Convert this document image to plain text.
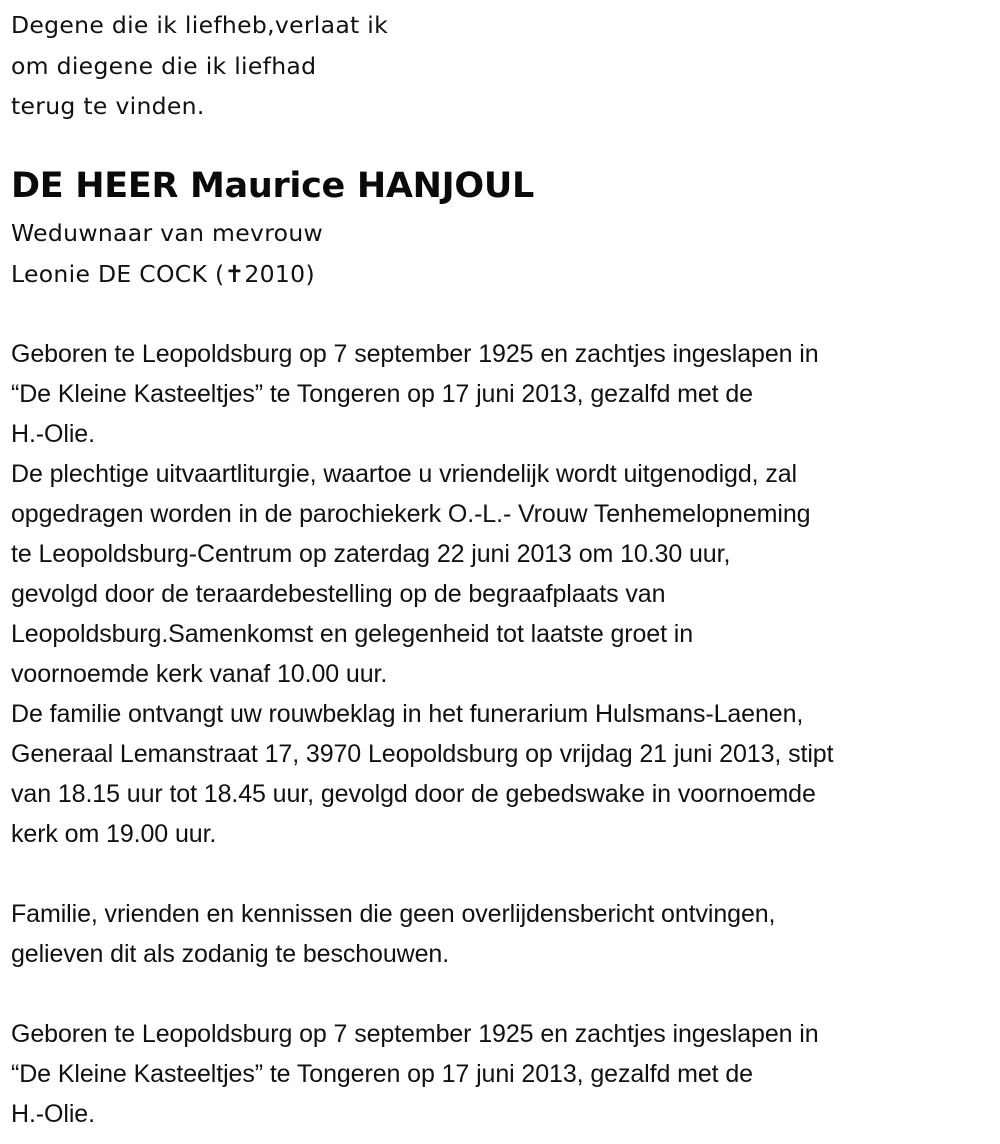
Degene die ik liefheb,verlaat ik
om diegene die ik liefhad
terug te vinden.
DE HEER Maurice HANJOUL
Weduwnaar van mevrouw
Leonie DE COCK (✝2010)
Geboren te Leopoldsburg op 7 september 1925 en zachtjes ingeslapen in
“De Kleine Kasteeltjes” te Tongeren op 17 juni 2013, gezalfd met de
H.-Olie.
De plechtige uitvaartliturgie, waartoe u vriendelijk wordt uitgenodigd, zal
opgedragen worden in de parochiekerk O.-L.- Vrouw Tenhemelopneming
te Leopoldsburg-Centrum op zaterdag 22 juni 2013 om 10.30 uur,
gevolgd door de teraardebestelling op de begraafplaats van
Leopoldsburg.Samenkomst en gelegenheid tot laatste groet in
voornoemde kerk vanaf 10.00 uur.
De familie ontvangt uw rouwbeklag in het funerarium Hulsmans-Laenen,
Generaal Lemanstraat 17, 3970 Leopoldsburg op vrijdag 21 juni 2013, stipt
van 18.15 uur tot 18.45 uur, gevolgd door de gebedswake in voornoemde
kerk om 19.00 uur.
Familie, vrienden en kennissen die geen overlijdensbericht ontvingen,
gelieven dit als zodanig te beschouwen.
Geboren te Leopoldsburg op 7 september 1925 en zachtjes ingeslapen in
“De Kleine Kasteeltjes” te Tongeren op 17 juni 2013, gezalfd met de
H.-Olie.
